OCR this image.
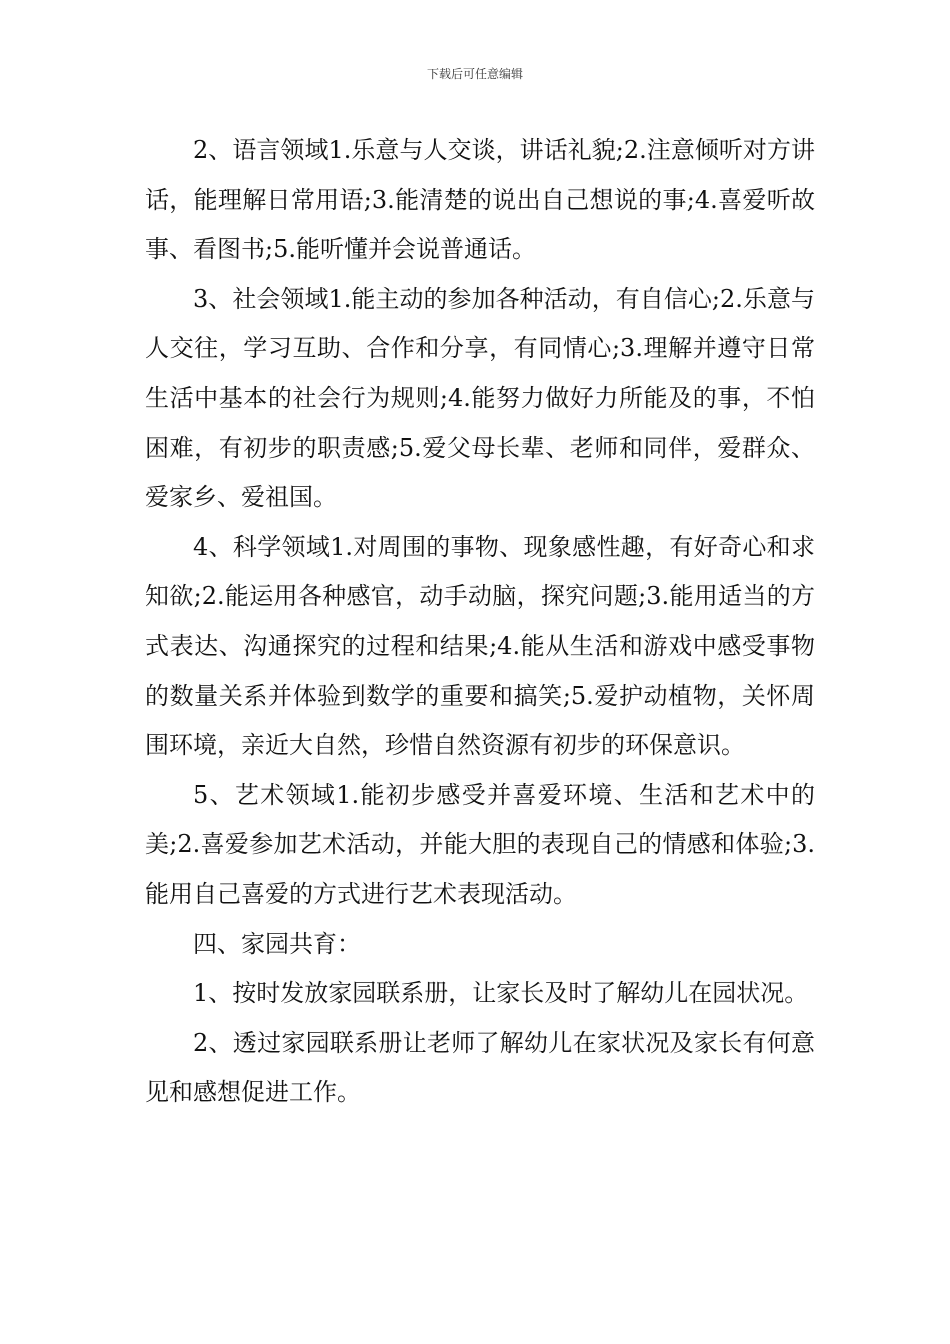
下载后可任意编辑

2、语言领域1.乐意与人交谈，讲话礼貌;2.注意倾听对方讲话，能理解日常用语;3.能清楚的说出自己想说的事;4.喜爱听故事、看图书;5.能听懂并会说普通话。

3、社会领域1.能主动的参加各种活动，有自信心;2.乐意与人交往，学习互助、合作和分享，有同情心;3.理解并遵守日常生活中基本的社会行为规则;4.能努力做好力所能及的事，不怕困难，有初步的职责感;5.爱父母长辈、老师和同伴，爱群众、爱家乡、爱祖国。

4、科学领域1.对周围的事物、现象感性趣，有好奇心和求知欲;2.能运用各种感官，动手动脑，探究问题;3.能用适当的方式表达、沟通探究的过程和结果;4.能从生活和游戏中感受事物的数量关系并体验到数学的重要和搞笑;5.爱护动植物，关怀周围环境，亲近大自然，珍惜自然资源有初步的环保意识。

5、艺术领域1.能初步感受并喜爱环境、生活和艺术中的美;2.喜爱参加艺术活动，并能大胆的表现自己的情感和体验;3.能用自己喜爱的方式进行艺术表现活动。

四、家园共育：

1、按时发放家园联系册，让家长及时了解幼儿在园状况。

2、透过家园联系册让老师了解幼儿在家状况及家长有何意见和感想促进工作。
